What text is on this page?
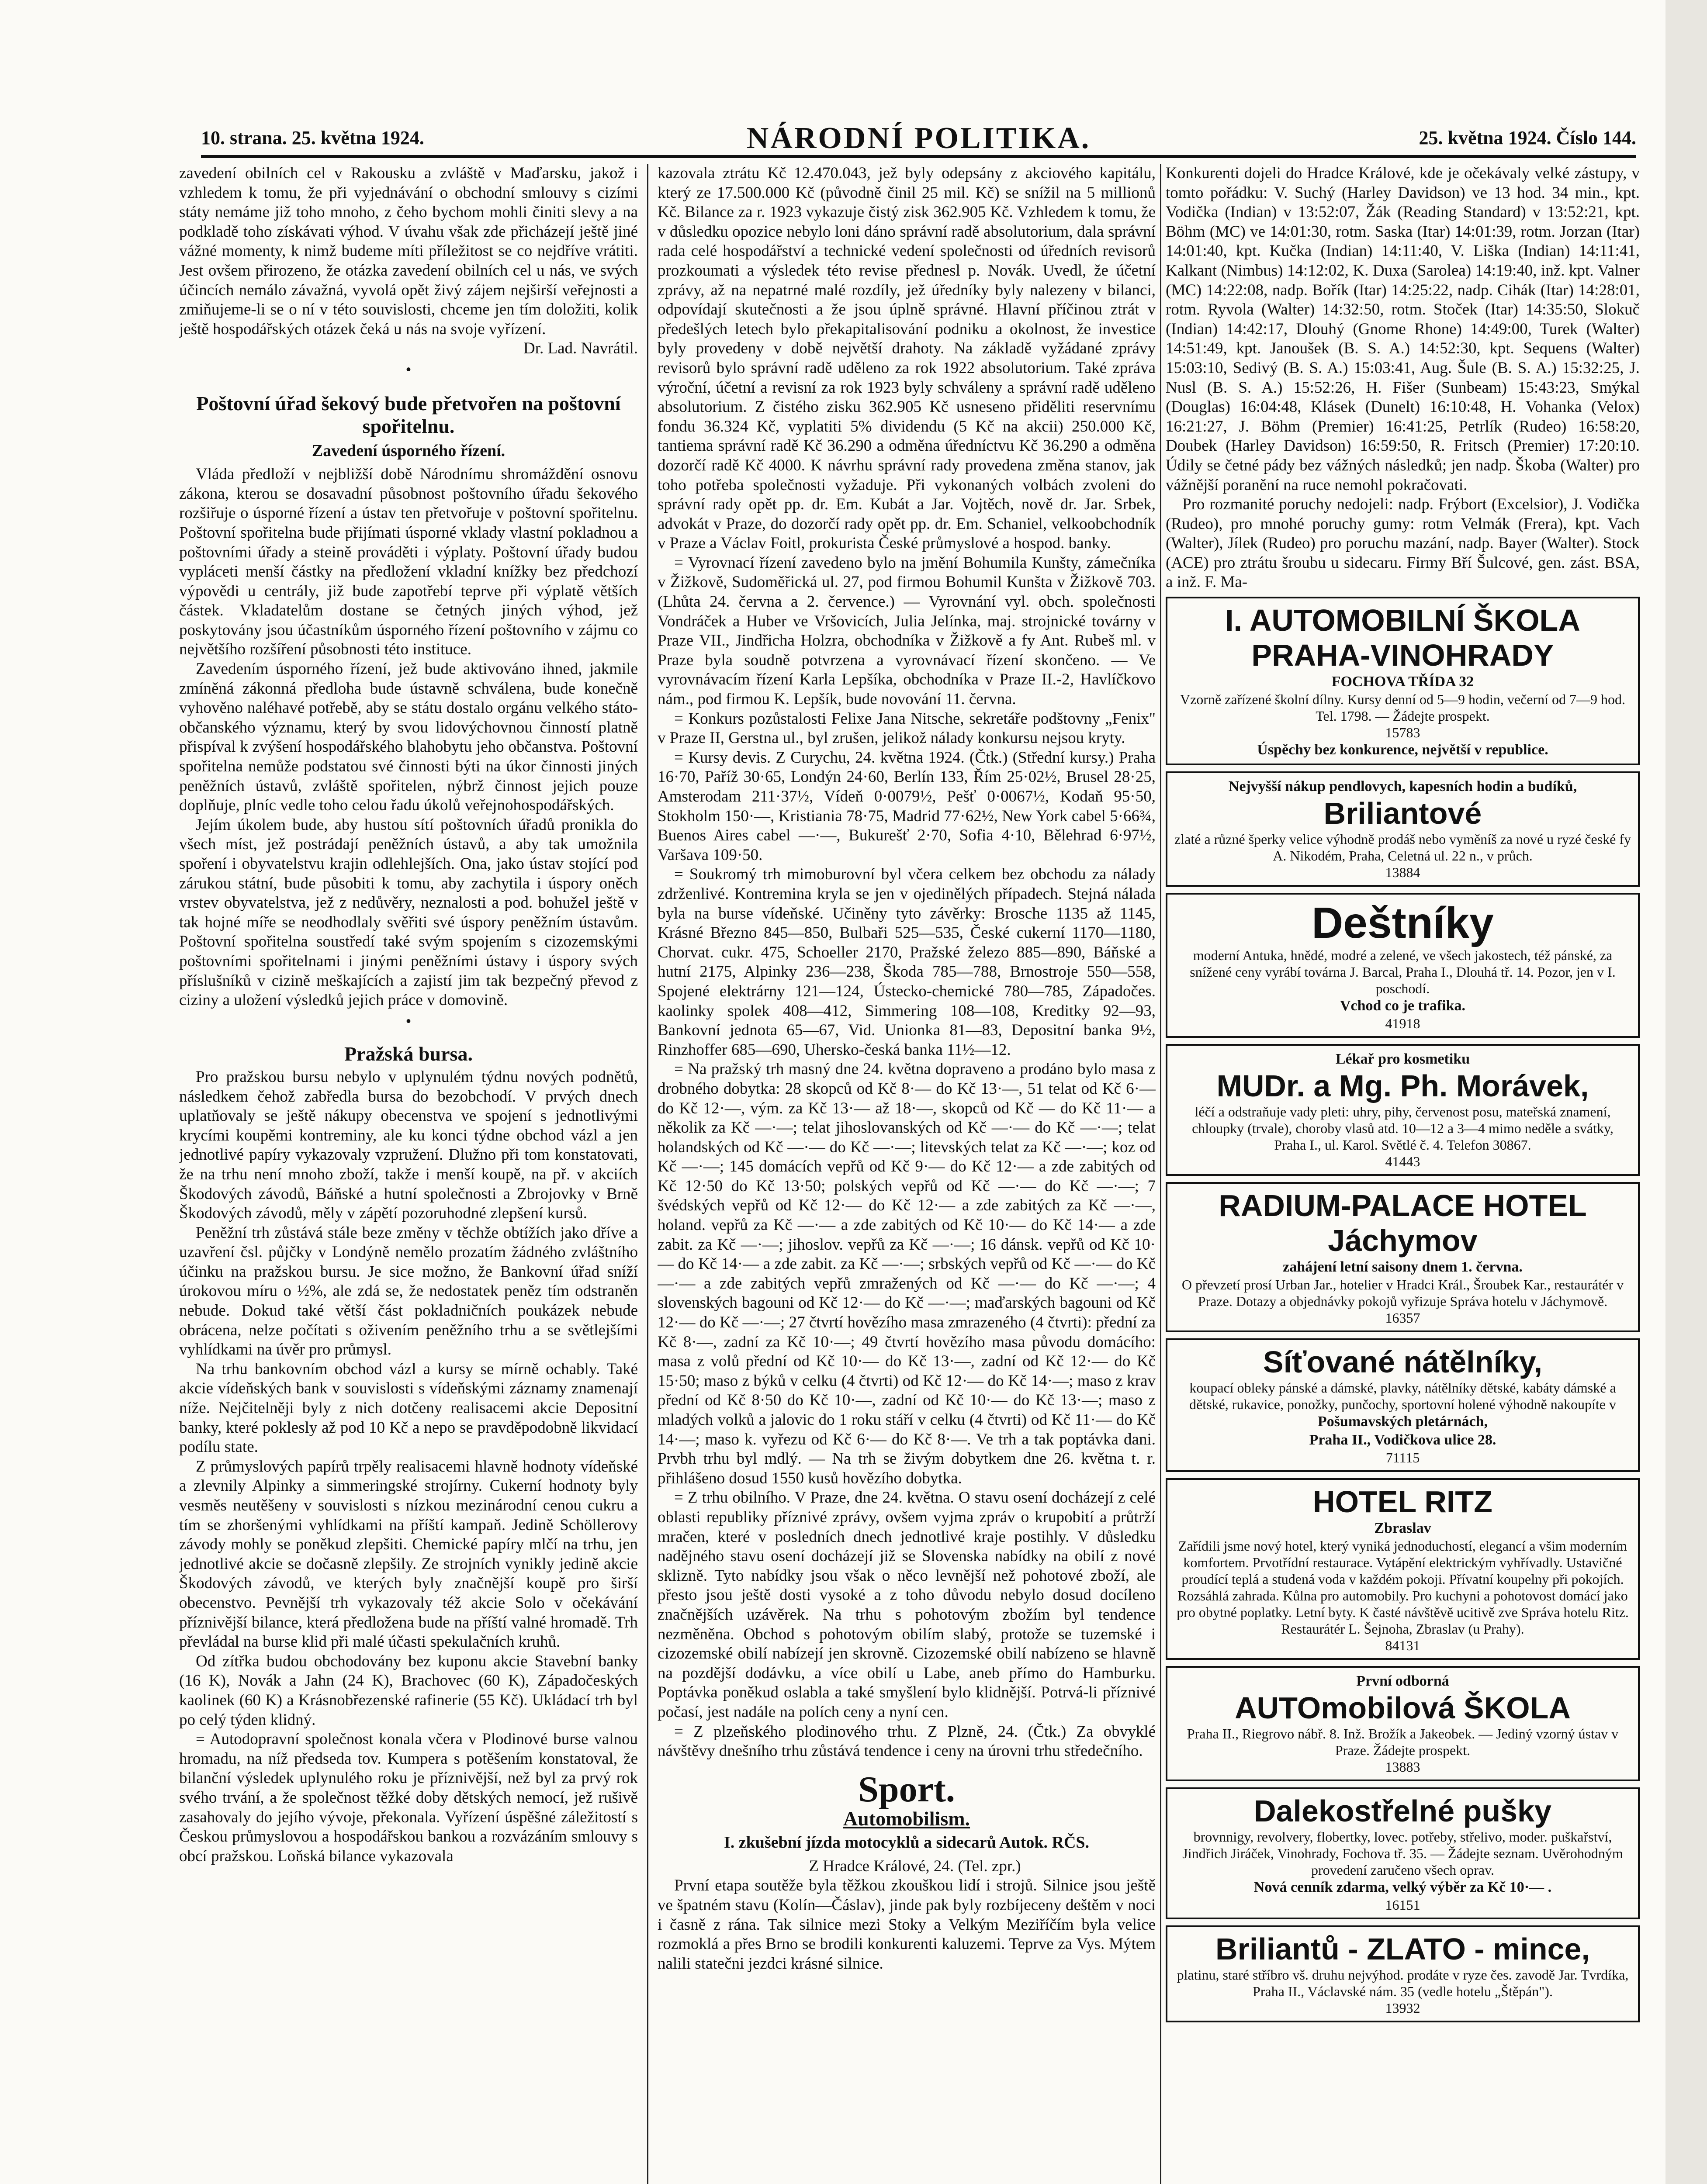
10. strana. 25. května 1924.	NÁRODNÍ POLITIKA.	25. května 1924. Číslo 144.

zavedení obilních cel v Rakousku a zvláště v Maďarsku, jakož i vzhledem k tomu, že při vyjednávání o obchodní smlouvy s cizími státy nemáme již toho mnoho, z čeho bychom mohli činiti slevy a na podkladě toho získávati výhod. V úvahu však zde přicházejí ještě jiné vážné momenty, k nimž budeme míti příležitost se co nejdříve vrátiti. Jest ovšem přirozeno, že otázka zavedení obilních cel u nás, ve svých účincích nemálo závažná, vyvolá opět živý zájem nejširší veřejnosti a zmiňujeme-li se o ní v této souvislosti, chceme jen tím doložiti, kolik ještě hospodářských otázek čeká u nás na svoje vyřízení.

Dr. Lad. Navrátil.

•
Poštovní úřad šekový bude přetvořen na poštovní spořitelnu.
Zavedení úsporného řízení.

Vláda předloží v nejbližší době Národnímu shromáždění osnovu zákona, kterou se dosavadní působnost poštovního úřadu šekového rozšiřuje o úsporné řízení a ústav ten přetvořuje v poštovní spořitelnu. Poštovní spořitelna bude přijímati úsporné vklady vlastní pokladnou a poštovními úřady a steině prováděti i výplaty. Poštovní úřady budou vypláceti menší částky na předložení vkladní knížky bez předchozí výpovědi u centrály, již bude zapotřebí teprve při výplatě větších částek. Vkladatelům dostane se četných jiných výhod, jež poskytovány jsou účastníkům úsporného řízení poštovního v zájmu co největšího rozšíření působnosti této instituce.

Zavedením úsporného řízení, jež bude aktivováno ihned, jakmile zmíněná zákonná předloha bude ústavně schválena, bude konečně vyhověno naléhavé potřebě, aby se státu dostalo orgánu velkého státo-občanského významu, který by svou lidovýchovnou činností platně přispíval k zvýšení hospodářského blahobytu jeho občanstva. Poštovní spořitelna nemůže podstatou své činnosti býti na úkor činnosti jiných peněžních ústavů, zvláště spořitelen, nýbrž činnost jejich pouze doplňuje, plníc vedle toho celou řadu úkolů veřejnohospodářských.

Jejím úkolem bude, aby hustou sítí poštovních úřadů pronikla do všech míst, jež postrádají peněžních ústavů, a aby tak umožnila spoření i obyvatelstvu krajin odlehlejších. Ona, jako ústav stojící pod zárukou státní, bude působiti k tomu, aby zachytila i úspory oněch vrstev obyvatelstva, jež z nedůvěry, neznalosti a pod. bohužel ještě v tak hojné míře se neodhodlaly svěřiti své úspory peněžním ústavům. Poštovní spořitelna soustředí také svým spojením s cizozemskými poštovními spořitelnami i jinými peněžními ústavy i úspory svých příslušníků v cizině meškajících a zajistí jim tak bezpečný převod z ciziny a uložení výsledků jejich práce v domovině.

•
Pražská bursa.

Pro pražskou bursu nebylo v uplynulém týdnu nových podnětů, následkem čehož zabředla bursa do bezobchodí. V prvých dnech uplatňovaly se ještě nákupy obecenstva ve spojení s jednotlivými krycími koupěmi kontreminy, ale ku konci týdne obchod vázl a jen jednotlivé papíry vykazovaly vzpružení. Dlužno při tom konstatovati, že na trhu není mnoho zboží, takže i menší koupě, na př. v akciích Škodových závodů, Báňské a hutní společnosti a Zbrojovky v Brně Škodových závodů, měly v zápětí pozoruhodné zlepšení kursů.

Peněžní trh zůstává stále beze změny v těchže obtížích jako dříve a uzavření čsl. půjčky v Londýně nemělo prozatím žádného zvláštního účinku na pražskou bursu. Je sice možno, že Bankovní úřad sníží úrokovou míru o ½%, ale zdá se, že nedostatek peněz tím odstraněn nebude. Dokud také větší část pokladničních poukázek nebude obrácena, nelze počítati s oživením peněžního trhu a se světlejšími vyhlídkami na úvěr pro průmysl.

Na trhu bankovním obchod vázl a kursy se mírně ochably. Také akcie vídeňských bank v souvislosti s vídeňskými záznamy znamenají níže. Nejčitelněji byly z nich dotčeny realisacemi akcie Depositní banky, které poklesly až pod 10 Kč a nepo se pravděpodobně likvidací podílu state.

Z průmyslových papírů trpěly realisacemi hlavně hodnoty vídeňské a zlevnily Alpinky a simmeringské strojírny. Cukerní hodnoty byly vesměs neutěšeny v souvislosti s nízkou mezinárodní cenou cukru a tím se zhoršenými vyhlídkami na příští kampaň. Jedině Schöllerovy závody mohly se poněkud zlepšiti. Chemické papíry mlčí na trhu, jen jednotlivé akcie se dočasně zlepšily. Ze strojních vynikly jedině akcie Škodových závodů, ve kterých byly značnější koupě pro širší obecenstvo. Pevnější trh vykazovaly též akcie Solo v očekávání příznivější bilance, která předložena bude na příští valné hromadě. Trh převládal na burse klid při malé účasti spekulačních kruhů.

Od zítřka budou obchodovány bez kuponu akcie Stavební banky (16 K), Novák a Jahn (24 K), Brachovec (60 K), Západočeských kaolinek (60 K) a Krásnobřezenské rafinerie (55 Kč). Ukládací trh byl po celý týden klidný.

= Autodopravní společnost konala včera v Plodinové burse valnou hromadu, na níž předseda tov. Kumpera s potěšením konstatoval, že bilanční výsledek uplynulého roku je příznivější, než byl za prvý rok svého trvání, a že společnost těžké doby dětských nemocí, jež rušivě zasahovaly do jejího vývoje, překonala. Vyřízení úspěšné záležitostí s Českou průmyslovou a hospodářskou bankou a rozvázáním smlouvy s obcí pražskou. Loňská bilance vykazovala

kazovala ztrátu Kč 12.470.043, jež byly odepsány z akciového kapitálu, který ze 17.500.000 Kč (původně činil 25 mil. Kč) se snížil na 5 millionů Kč. Bilance za r. 1923 vykazuje čistý zisk 362.905 Kč. Vzhledem k tomu, že v důsledku opozice nebylo loni dáno správní radě absolutorium, dala správní rada celé hospodářství a technické vedení společnosti od úředních revisorů prozkoumati a výsledek této revise přednesl p. Novák. Uvedl, že účetní zprávy, až na nepatrné malé rozdíly, jež úředníky byly nalezeny v bilanci, odpovídají skutečnosti a že jsou úplně správné. Hlavní příčinou ztrát v předešlých letech bylo překapitalisování podniku a okolnost, že investice byly provedeny v době největší drahoty. Na základě vyžádané zprávy revisorů bylo správní radě uděleno za rok 1922 absolutorium. Také zpráva výroční, účetní a revisní za rok 1923 byly schváleny a správní radě uděleno absolutorium. Z čistého zisku 362.905 Kč usneseno přiděliti reservnímu fondu 36.324 Kč, vyplatiti 5% dividendu (5 Kč na akcii) 250.000 Kč, tantiema správní radě Kč 36.290 a odměna úředníctvu Kč 36.290 a odměna dozorčí radě Kč 4000. K návrhu správní rady provedena změna stanov, jak toho potřeba společnosti vyžaduje. Při vykonaných volbách zvoleni do správní rady opět pp. dr. Em. Kubát a Jar. Vojtěch, nově dr. Jar. Srbek, advokát v Praze, do dozorčí rady opět pp. dr. Em. Schaniel, velkoobchodník v Praze a Václav Foitl, prokurista České průmyslové a hospod. banky.

= Vyrovnací řízení zavedeno bylo na jmění Bohumila Kunšty, zámečníka v Žižkově, Sudoměřická ul. 27, pod firmou Bohumil Kunšta v Žižkově 703. (Lhůta 24. června a 2. července.) — Vyrovnání vyl. obch. společnosti Vondráček a Huber ve Vršovicích, Julia Jelínka, maj. strojnické továrny v Praze VII., Jindřicha Holzra, obchodníka v Žižkově a fy Ant. Rubeš ml. v Praze byla soudně potvrzena a vyrovnávací řízení skončeno. — Ve vyrovnávacím řízení Karla Lepšíka, obchodníka v Praze II.-2, Havlíčkovo nám., pod firmou K. Lepšík, bude novování 11. června.

= Konkurs pozůstalosti Felixe Jana Nitsche, sekretáře podštovny „Fenix" v Praze II, Gerstna ul., byl zrušen, jelikož nálady konkursu nejsou kryty.

= Kursy devis. Z Curychu, 24. května 1924. (Čtk.) (Střední kursy.) Praha 16·70, Paříž 30·65, Londýn 24·60, Berlín 133, Řím 25·02½, Brusel 28·25, Amsterodam 211·37½, Vídeň 0·0079½, Pešť 0·0067½, Kodaň 95·50, Stokholm 150·—, Kristiania 78·75, Madrid 77·62½, New York cabel 5·66¾, Buenos Aires cabel —·—, Bukurešť 2·70, Sofia 4·10, Bělehrad 6·97½, Varšava 109·50.

= Soukromý trh mimoburovní byl včera celkem bez obchodu za nálady zdrženlivé. Kontremina kryla se jen v ojedinělých případech. Stejná nálada byla na burse vídeňské. Učiněny tyto závěrky: Brosche 1135 až 1145, Krásné Březno 845—850, Bulbaři 525—535, České cukerní 1170—1180, Chorvat. cukr. 475, Schoeller 2170, Pražské železo 885—890, Báňské a hutní 2175, Alpinky 236—238, Škoda 785—788, Brnostroje 550—558, Spojené elektrárny 121—124, Ústecko-chemické 780—785, Západočes. kaolinky spolek 408—412, Simmering 108—108, Kreditky 92—93, Bankovní jednota 65—67, Vid. Unionka 81—83, Depositní banka 9½, Rinzhoffer 685—690, Uhersko-česká banka 11½—12.

= Na pražský trh masný dne 24. května dopraveno a prodáno bylo masa z drobného dobytka: 28 skopců od Kč 8·— do Kč 13·—, 51 telat od Kč 6·— do Kč 12·—, vým. za Kč 13·— až 18·—, skopců od Kč — do Kč 11·— a několik za Kč —·—; telat jihoslovanských od Kč —·— do Kč —·—; telat holandských od Kč —·— do Kč —·—; litevských telat za Kč —·—; koz od Kč —·—; 145 domácích vepřů od Kč 9·— do Kč 12·— a zde zabitých od Kč 12·50 do Kč 13·50; polských vepřů od Kč —·— do Kč —·—; 7 švédských vepřů od Kč 12·— do Kč 12·— a zde zabitých za Kč —·—, holand. vepřů za Kč —·— a zde zabitých od Kč 10·— do Kč 14·— a zde zabit. za Kč —·—; jihoslov. vepřů za Kč —·—; 16 dánsk. vepřů od Kč 10·— do Kč 14·— a zde zabit. za Kč —·—; srbských vepřů od Kč —·— do Kč —·— a zde zabitých vepřů zmražených od Kč —·— do Kč —·—; 4 slovenských bagouni od Kč 12·— do Kč —·—; maďarských bagouni od Kč 12·— do Kč —·—; 27 čtvrtí hovězího masa zmrazeného (4 čtvrti): přední za Kč 8·—, zadní za Kč 10·—; 49 čtvrtí hovězího masa původu domácího: masa z volů přední od Kč 10·— do Kč 13·—, zadní od Kč 12·— do Kč 15·50; maso z býků v celku (4 čtvrti) od Kč 12·— do Kč 14·—; maso z krav přední od Kč 8·50 do Kč 10·—, zadní od Kč 10·— do Kč 13·—; maso z mladých volků a jalovic do 1 roku stáří v celku (4 čtvrti) od Kč 11·— do Kč 14·—; maso k. vyřezu od Kč 6·— do Kč 8·—. Ve trh a tak poptávka dani. Prvbh trhu byl mdlý. — Na trh se živým dobytkem dne 26. května t. r. přihlášeno dosud 1550 kusů hovězího dobytka.

= Z trhu obilního. V Praze, dne 24. května. O stavu osení docházejí z celé oblasti republiky příznivé zprávy, ovšem vyjma zpráv o krupobití a průtrží mračen, které v posledních dnech jednotlivé kraje postihly. V důsledku nadějného stavu osení docházejí již se Slovenska nabídky na obilí z nové sklizně. Tyto nabídky jsou však o něco levnější než pohotové zboží, ale přesto jsou ještě dosti vysoké a z toho důvodu nebylo dosud docíleno značnějších uzávěrek. Na trhu s pohotovým zbožím byl tendence nezměněna. Obchod s pohotovým obilím slabý, protože se tuzemské i cizozemské obilí nabízejí jen skrovně. Cizozemské obilí nabízeno se hlavně na pozdější dodávku, a více obilí u Labe, aneb přímo do Hamburku. Poptávka poněkud oslabla a také smyšlení bylo klidnější. Potrvá-li příznivé počasí, jest nadále na polích ceny a nyní cen.

= Z plzeňského plodinového trhu. Z Plzně, 24. (Čtk.) Za obvyklé návštěvy dnešního trhu zůstává tendence i ceny na úrovni trhu středečního.

Sport.
Automobilism.
I. zkušební jízda motocyklů a sidecarů Autok. RČS.

Z Hradce Králové, 24. (Tel. zpr.)

První etapa soutěže byla těžkou zkouškou lidí i strojů. Silnice jsou ještě ve špatném stavu (Kolín—Čáslav), jinde pak byly rozbíjeceny deštěm v noci i časně z rána. Tak silnice mezi Stoky a Velkým Meziříčím byla velice rozmoklá a přes Brno se brodili konkurenti kaluzemi. Teprve za Vys. Mýtem nalili statečni jezdci krásné silnice.

Konkurenti dojeli do Hradce Králové, kde je očekávaly velké zástupy, v tomto pořádku: V. Suchý (Harley Davidson) ve 13 hod. 34 min., kpt. Vodička (Indian) v 13:52:07, Žák (Reading Standard) v 13:52:21, kpt. Böhm (MC) ve 14:01:30, rotm. Saska (Itar) 14:01:39, rotm. Jorzan (Itar) 14:01:40, kpt. Kučka (Indian) 14:11:40, V. Liška (Indian) 14:11:41, Kalkant (Nimbus) 14:12:02, K. Duxa (Sarolea) 14:19:40, inž. kpt. Valner (MC) 14:22:08, nadp. Bořík (Itar) 14:25:22, nadp. Cihák (Itar) 14:28:01, rotm. Ryvola (Walter) 14:32:50, rotm. Stoček (Itar) 14:35:50, Slokuč (Indian) 14:42:17, Dlouhý (Gnome Rhone) 14:49:00, Turek (Walter) 14:51:49, kpt. Janoušek (B. S. A.) 14:52:30, kpt. Sequens (Walter) 15:03:10, Sedivý (B. S. A.) 15:03:41, Aug. Šule (B. S. A.) 15:32:25, J. Nusl (B. S. A.) 15:52:26, H. Fišer (Sunbeam) 15:43:23, Smýkal (Douglas) 16:04:48, Klásek (Dunelt) 16:10:48, H. Vohanka (Velox) 16:21:27, J. Böhm (Premier) 16:41:25, Petrlík (Rudeo) 16:58:20, Doubek (Harley Davidson) 16:59:50, R. Fritsch (Premier) 17:20:10. Údily se četné pády bez vážných následků; jen nadp. Škoba (Walter) pro vážnější poranění na ruce nemohl pokračovati.

Pro rozmanité poruchy nedojeli: nadp. Frýbort (Excelsior), J. Vodička (Rudeo), pro mnohé poruchy gumy: rotm Velmák (Frera), kpt. Vach (Walter), Jílek (Rudeo) pro poruchu mazání, nadp. Bayer (Walter). Stock (ACE) pro ztrátu šroubu u sidecaru. Firmy Bří Šulcové, gen. zást. BSA, a inž. F. Ma-

I. AUTOMOBILNÍ ŠKOLA
PRAHA-VINOHRADY
FOCHOVA TŘÍDA 32
Vzorně zařízené školní dílny. Kursy denní od 5—9 hodin, večerní od 7—9 hod. Tel. 1798. — Žádejte prospekt.
15783
Úspěchy bez konkurence, největší v republice.
Nejvyšší nákup pendlovych, kapesních hodin a budíků,
Briliantové
zlaté a různé šperky velice výhodně prodáš nebo vyměníš za nové u ryzé české fy A. Nikodém, Praha, Celetná ul. 22 n., v průch.
13884
Deštníky
moderní Antuka, hnědé, modré a zelené, ve všech jakostech, též pánské, za snížené ceny vyrábí továrna J. Barcal, Praha I., Dlouhá tř. 14. Pozor, jen v I. poschodí.
Vchod co je trafika.
41918
Lékař pro kosmetiku
MUDr. a Mg. Ph. Morávek,
léčí a odstraňuje vady pleti: uhry, pihy, červenost posu, mateřská znamení, chloupky (trvale), choroby vlasů atd. 10—12 a 3—4 mimo neděle a svátky, Praha I., ul. Karol. Světlé č. 4. Telefon 30867.
41443
RADIUM-PALACE HOTEL
Jáchymov
zahájení letní saisony dnem 1. června.
O převzetí prosí Urban Jar., hotelier v Hradci Král., Šroubek Kar., restaurátér v Praze. Dotazy a objednávky pokojů vyřizuje Správa hotelu v Jáchymově.
16357
Síťované nátělníky,
koupací obleky pánské a dámské, plavky, nátělníky dětské, kabáty dámské a dětské, rukavice, ponožky, punčochy, sportovní holené výhodně nakoupíte v
Pošumavských pletárnách,
Praha II., Vodičkova ulice 28.
71115
HOTEL RITZ
Zbraslav
Zařídili jsme nový hotel, který vyniká jednoduchostí, elegancí a všim moderním komfortem. Prvotřídní restaurace. Vytápění elektrickým vyhřívadly. Ustavičné proudící teplá a studená voda v každém pokoji. Přívatní koupelny při pokojích. Rozsáhlá zahrada. Kůlna pro automobily. Pro kuchyni a pohotovost domácí jako pro obytné poplatky. Letní byty. K časté návštěvě ucitivě zve Správa hotelu Ritz. Restaurátér L. Šejnoha, Zbraslav (u Prahy).
84131
První odborná
AUTOmobilová ŠKOLA
Praha II., Riegrovo nábř. 8. Inž. Brožík a Jakeobek. — Jediný vzorný ústav v Praze. Žádejte prospekt.
13883
Dalekostřelné pušky
brovnnigy, revolvery, flobertky, lovec. potřeby, střelivo, moder. puškařství, Jindřich Jiráček, Vinohrady, Fochova tř. 35. — Žádejte seznam. Uvěrohodným provedení zaručeno všech oprav.
Nová cenník zdarma, velký výběr za Kč 10·— .
16151
Briliantů - ZLATO - mince,
platinu, staré stříbro vš. druhu nejvýhod. prodáte v ryze čes. zavodě Jar. Tvrdíka, Praha II., Václavské nám. 35 (vedle hotelu „Štěpán").
13932
